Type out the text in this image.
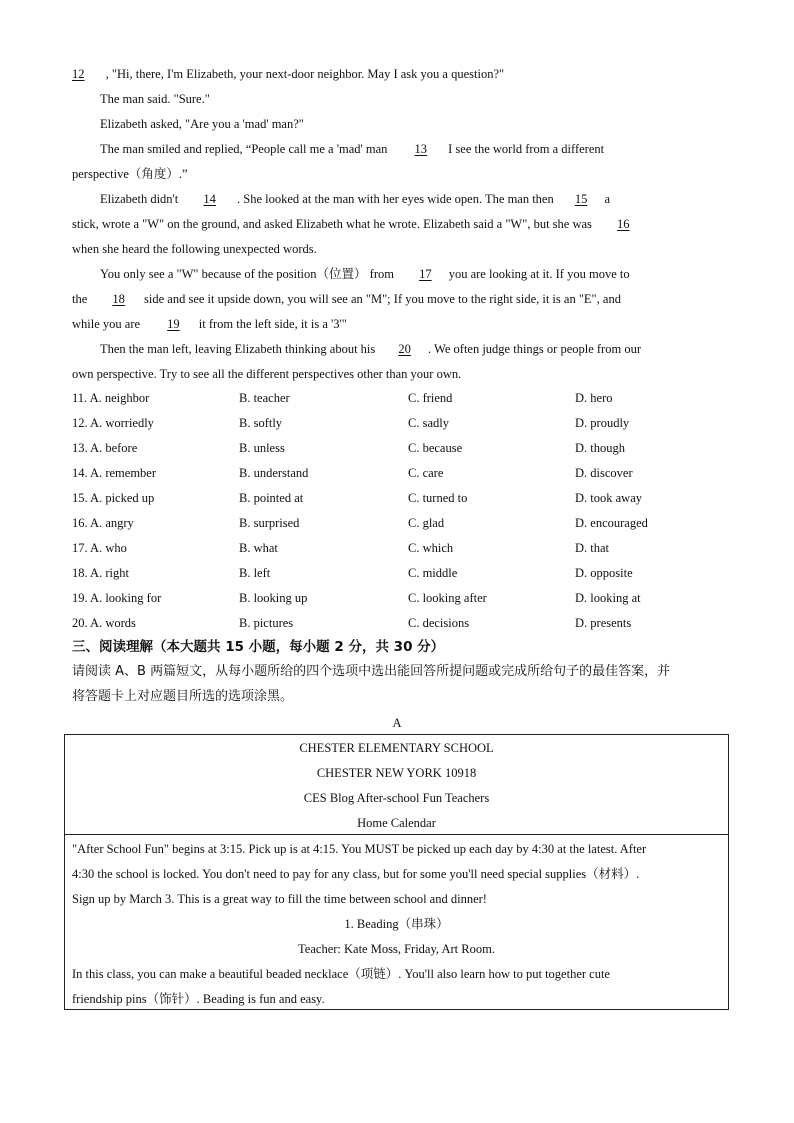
12 , "Hi, there, I'm Elizabeth, your next-door neighbor. May I ask you a question?"
The man said. "Sure."
Elizabeth asked, "Are you a 'mad' man?"
The man smiled and replied, “People call me a 'mad' man 13 I see the world from a different
perspective（角度）.”
Elizabeth didn't 14 . She looked at the man with her eyes wide open. The man then 15 a
stick, wrote a "W" on the ground, and asked Elizabeth what he wrote. Elizabeth said a "W", but she was 16
when she heard the following unexpected words.
You only see a "W" because of the position（位置） from 17 you are looking at it. If you move to
the 18 side and see it upside down, you will see an "M"; If you move to the right side, it is an "E", and
while you are 19 it from the left side, it is a '3'"
Then the man left, leaving Elizabeth thinking about his 20 . We often judge things or people from our
own perspective. Try to see all the different perspectives other than your own.
11. A. neighbor	B. teacher	C. friend	D. hero
12. A. worriedly	B. softly	C. sadly	D. proudly
13. A. before	B. unless	C. because	D. though
14. A. remember	B. understand	C. care	D. discover
15. A. picked up	B. pointed at	C. turned to	D. took away
16. A. angry	B. surprised	C. glad	D. encouraged
17. A. who	B. what	C. which	D. that
18. A. right	B. left	C. middle	D. opposite
19. A. looking for	B. looking up	C. looking after	D. looking at
20. A. words	B. pictures	C. decisions	D. presents
三、阅读理解（本大题共 15 小题，每小题 2 分，共 30 分）
请阅读 A、B 两篇短文，从每小题所给的四个选项中选出能回答所提问题或完成所给句子的最佳答案，并
将答题卡上对应题目所选的选项涂黑。
A
CHESTER ELEMENTARY SCHOOL
CHESTER NEW YORK 10918
CES Blog After-school Fun Teachers
Home Calendar
"After School Fun" begins at 3:15. Pick up is at 4:15. You MUST be picked up each day by 4:30 at the latest. After
4:30 the school is locked. You don't need to pay for any class, but for some you'll need special supplies（材料）.
Sign up by March 3. This is a great way to fill the time between school and dinner!
1. Beading（串珠）
Teacher: Kate Moss, Friday, Art Room.
In this class, you can make a beautiful beaded necklace（项链）. You'll also learn how to put together cute
friendship pins（饰针）. Beading is fun and easy.
